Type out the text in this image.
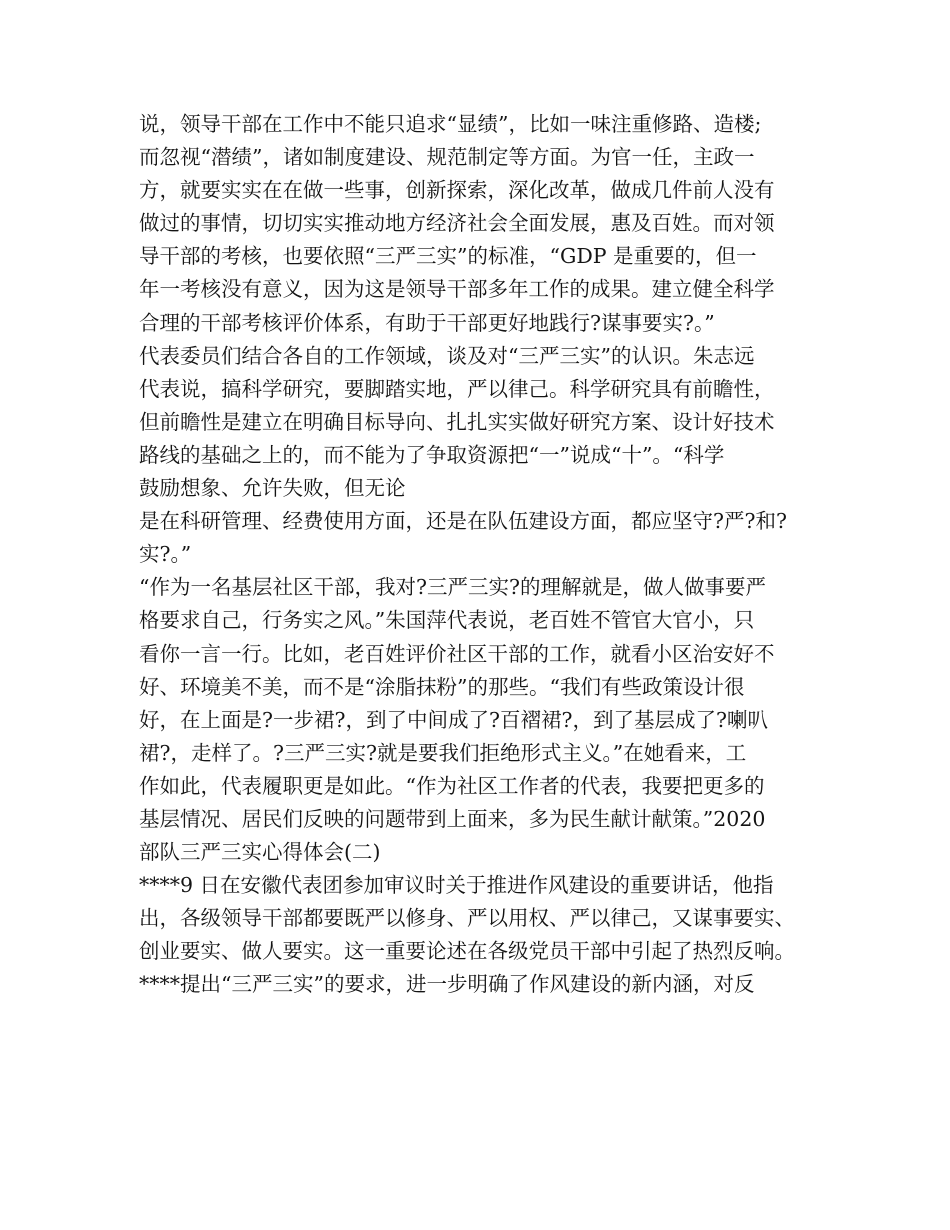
说，领导干部在工作中不能只追求“显绩”，比如一味注重修路、造楼;
而忽视“潜绩”，诸如制度建设、规范制定等方面。为官一任，主政一
方，就要实实在在做一些事，创新探索，深化改革，做成几件前人没有
做过的事情，切切实实推动地方经济社会全面发展，惠及百姓。而对领
导干部的考核，也要依照“三严三实”的标准，“GDP 是重要的，但一
年一考核没有意义，因为这是领导干部多年工作的成果。建立健全科学
合理的干部考核评价体系，有助于干部更好地践行?谋事要实?。”
代表委员们结合各自的工作领域，谈及对“三严三实”的认识。朱志远
代表说，搞科学研究，要脚踏实地，严以律己。科学研究具有前瞻性，
但前瞻性是建立在明确目标导向、扎扎实实做好研究方案、设计好技术
路线的基础之上的，而不能为了争取资源把“一”说成“十”。“科学
鼓励想象、允许失败，但无论
是在科研管理、经费使用方面，还是在队伍建设方面，都应坚守?严?和?
实?。”
“作为一名基层社区干部，我对?三严三实?的理解就是，做人做事要严
格要求自己，行务实之风。”朱国萍代表说，老百姓不管官大官小，只
看你一言一行。比如，老百姓评价社区干部的工作，就看小区治安好不
好、环境美不美，而不是“涂脂抹粉”的那些。“我们有些政策设计很
好，在上面是?一步裙?，到了中间成了?百褶裙?，到了基层成了?喇叭
裙?，走样了。?三严三实?就是要我们拒绝形式主义。”在她看来，工
作如此，代表履职更是如此。“作为社区工作者的代表，我要把更多的
基层情况、居民们反映的问题带到上面来，多为民生献计献策。”2020
部队三严三实心得体会(二)
****9 日在安徽代表团参加审议时关于推进作风建设的重要讲话，他指
出，各级领导干部都要既严以修身、严以用权、严以律己，又谋事要实、
创业要实、做人要实。这一重要论述在各级党员干部中引起了热烈反响。
****提出“三严三实”的要求，进一步明确了作风建设的新内涵，对反
